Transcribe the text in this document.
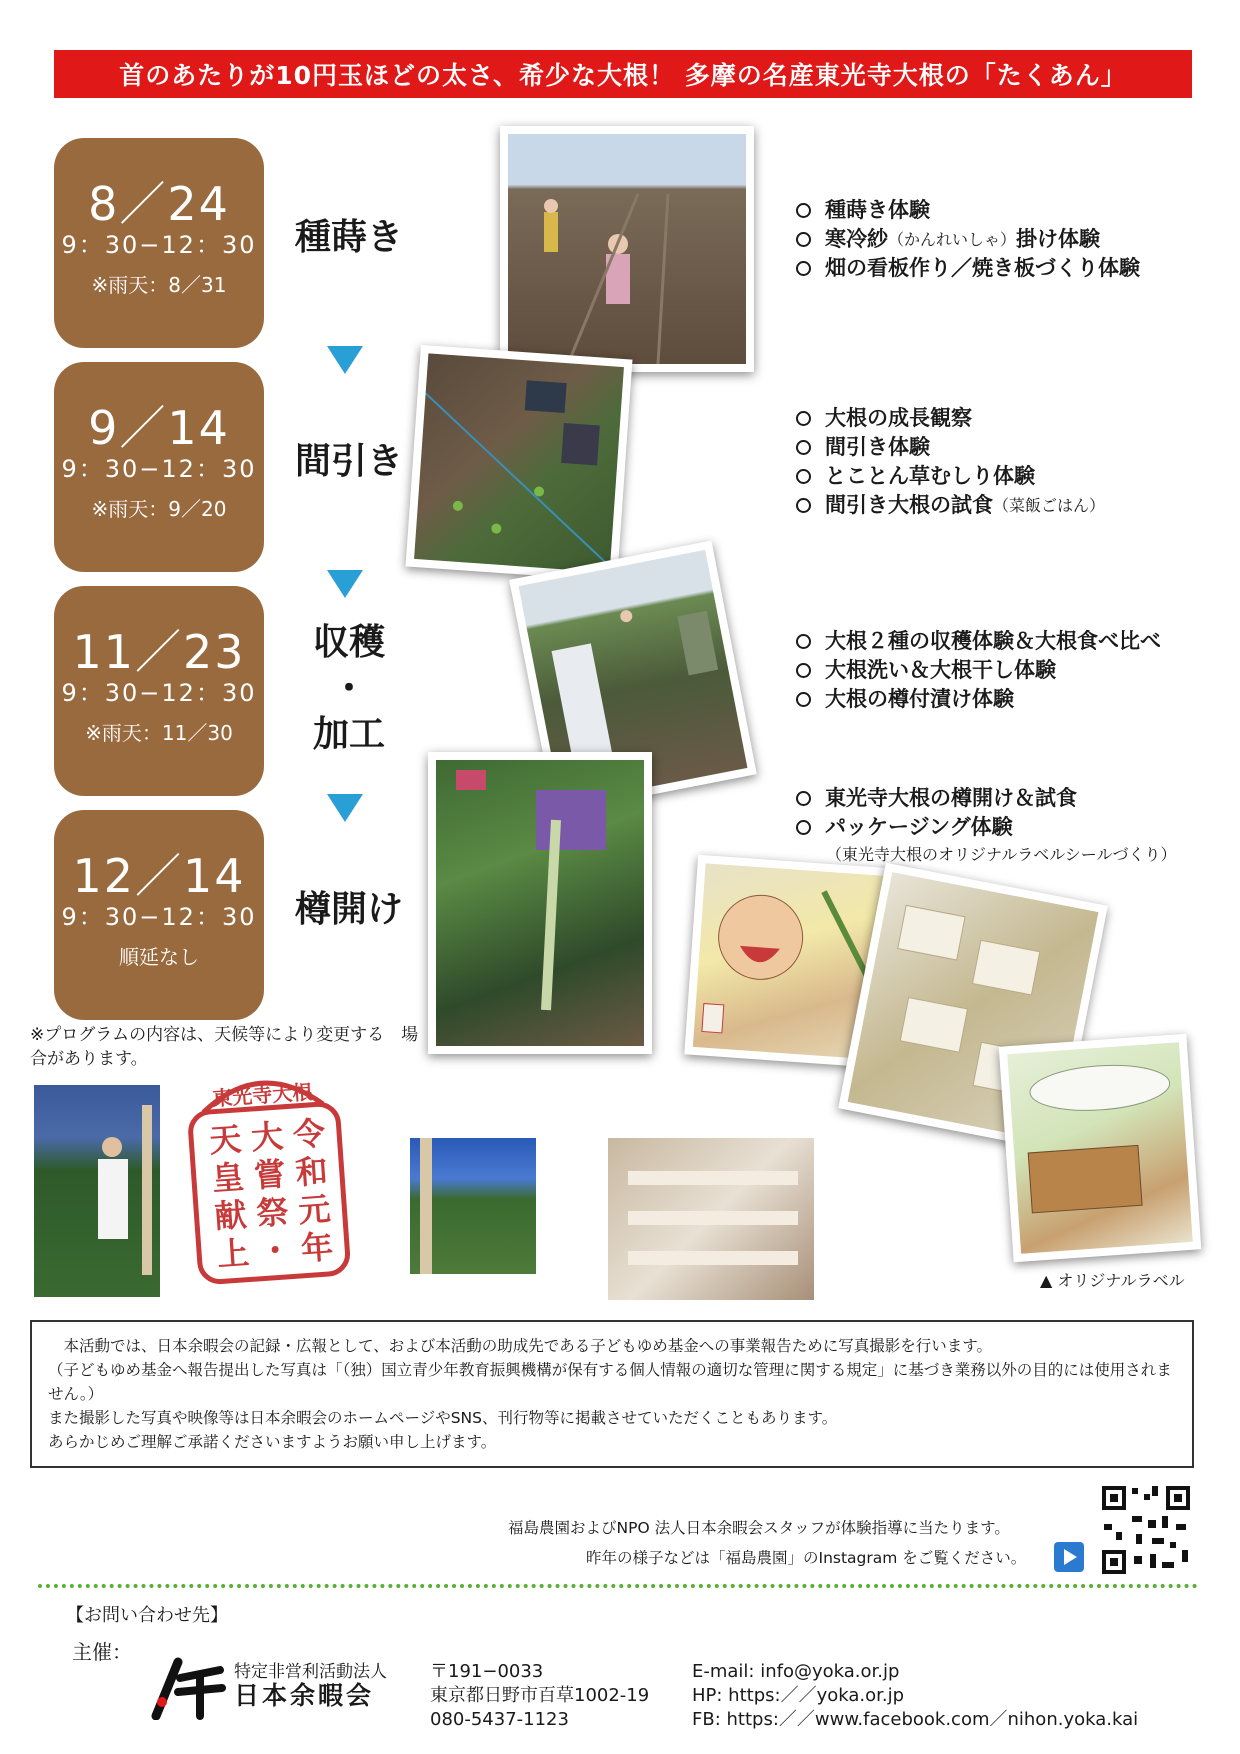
首のあたりが10円玉ほどの太さ、希少な大根！ 多摩の名産東光寺大根の「たくあん」
8／24
9：30−12：30
※雨天：8／31
種蒔き
9／14
9：30−12：30
※雨天：9／20
間引き
11／23
9：30−12：30
※雨天：11／30
収穫
・
加工
12／14
9：30−12：30
順延なし
樽開け
※プログラムの内容は、天候等により変更する　場合があります。
東光寺大根
天
皇
献
上
大
嘗
祭
・
令
和
元
年
▲ オリジナルラベル
種蒔き体験
寒冷紗 （かんれいしゃ） 掛け体験
畑の看板作り／焼き板づくり体験
大根の成長観察
間引き体験
とことん草むしり体験
間引き大根の試食 （菜飯ごはん）
大根２種の収穫体験＆大根食べ比べ
大根洗い＆大根干し体験
大根の樽付漬け体験
東光寺大根の樽開け＆試食
パッケージング体験
（東光寺大根のオリジナルラベルシールづくり）
　本活動では、日本余暇会の記録・広報として、および本活動の助成先である子どもゆめ基金への事業報告ために写真撮影を行います。
（子どもゆめ基金へ報告提出した写真は「（独）国立青少年教育振興機構が保有する個人情報の適切な管理に関する規定」に基づき業務以外の目的には使用されません。）
また撮影した写真や映像等は日本余暇会のホームページやSNS、刊行物等に掲載させていただくこともあります。
あらかじめご理解ご承諾くださいますようお願い申し上げます。
福島農園およびNPO 法人日本余暇会スタッフが体験指導に当たります。
昨年の様子などは「福島農園」のInstagram をご覧ください。
【お問い合わせ先】
主催：
特定非営利活動法人
日本余暇会
〒191−0033
東京都日野市百草1002-19
080-5437-1123
E-mail: info@yoka.or.jp
HP: https:／／yoka.or.jp
FB: https:／／www.facebook.com／nihon.yoka.kai
